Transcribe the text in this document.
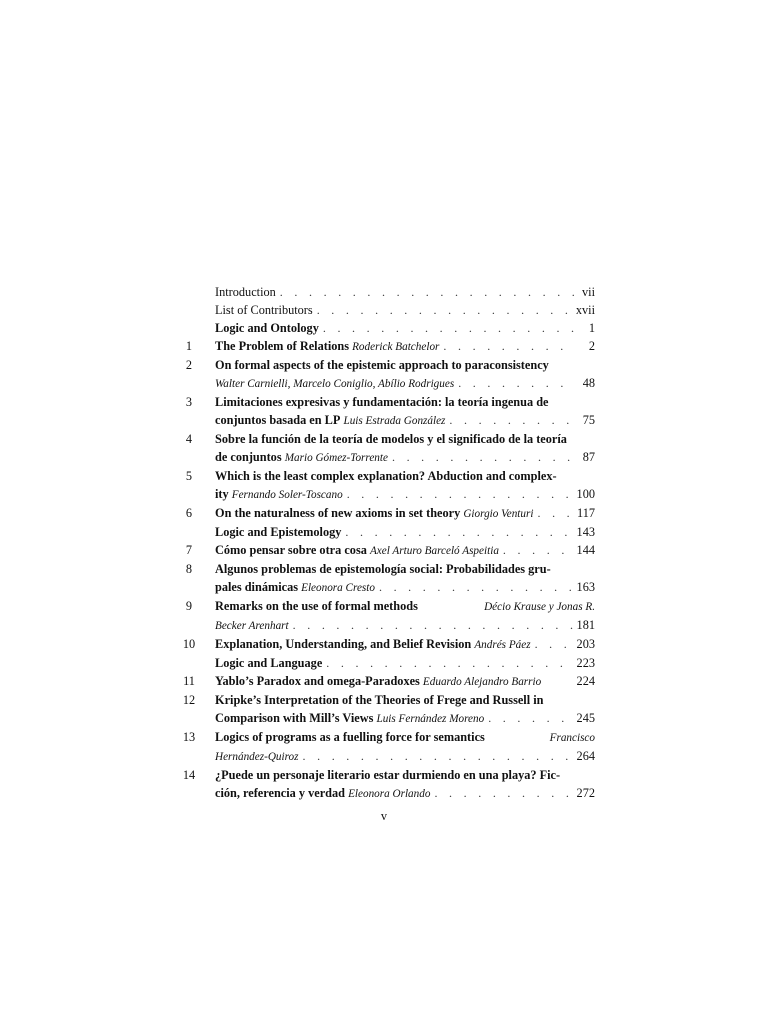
Introduction . . .	vii
List of Contributors . . .	xvii
Logic and Ontology . . .	1
1	The Problem of Relations Roderick Batchelor . . .	2
2	On formal aspects of the epistemic approach to paraconsistency
Walter Carnielli, Marcelo Coniglio, Abílio Rodrigues . . .	48
3	Limitaciones expresivas y fundamentación: la teoría ingenua de
conjuntos basada en LP Luis Estrada González . . .	75
4	Sobre la función de la teoría de modelos y el significado de la teoría
de conjuntos Mario Gómez-Torrente . . .	87
5	Which is the least complex explanation? Abduction and complex-
ity Fernando Soler-Toscano . . .	100
6	On the naturalness of new axioms in set theory Giorgio Venturi . . .	117
Logic and Epistemology . . .	143
7	Cómo pensar sobre otra cosa Axel Arturo Barceló Aspeitia . . .	144
8	Algunos problemas de epistemología social: Probabilidades gru-
pales dinámicas Eleonora Cresto . . .	163
9	Remarks on the use of formal methods	Décio Krause y Jonas R.
Becker Arenhart . . .	181
10	Explanation, Understanding, and Belief Revision Andrés Páez . . .	203
Logic and Language . . .	223
11	Yablo’s Paradox and omega-Paradoxes Eduardo Alejandro Barrio	224
12	Kripke’s Interpretation of the Theories of Frege and Russell in
Comparison with Mill’s Views Luis Fernández Moreno . . .	245
13	Logics of programs as a fuelling force for semantics	Francisco
Hernández-Quiroz . . .	264
14	¿Puede un personaje literario estar durmiendo en una playa? Fic-
ción, referencia y verdad Eleonora Orlando . . .	272
v
